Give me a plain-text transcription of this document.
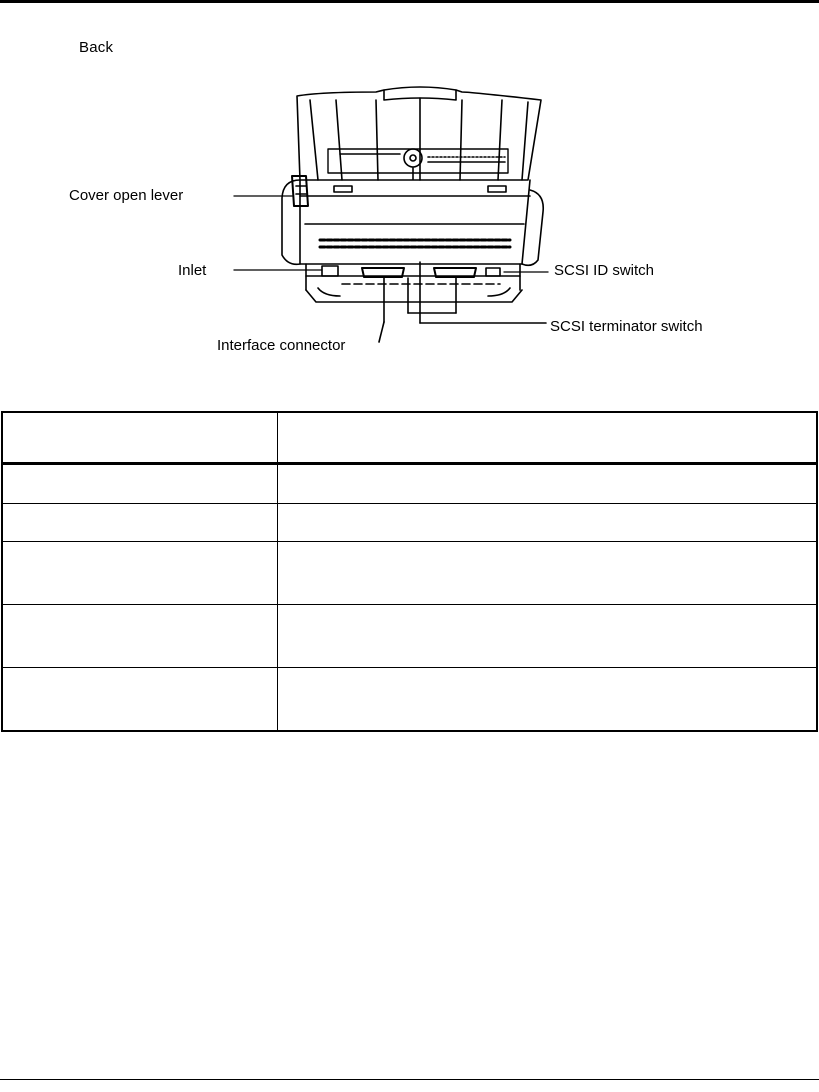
Back
Cover open lever
Inlet	SCSI ID switch
SCSI terminator switch
Interface connector
